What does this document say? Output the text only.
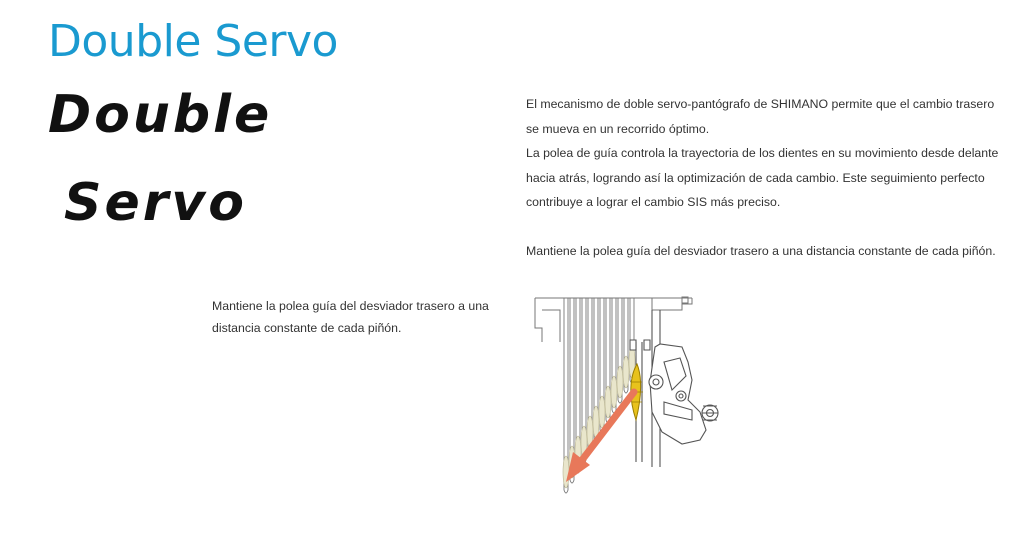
Double Servo
Double
Servo

El mecanismo de doble servo-pantógrafo de SHIMANO permite que el cambio trasero se mueva en un recorrido óptimo.

La polea de guía controla la trayectoria de los dientes en su movimiento desde delante hacia atrás, logrando así la optimización de cada cambio. Este seguimiento perfecto contribuye a lograr el cambio SIS más preciso.

Mantiene la polea guía del desviador trasero a una distancia constante de cada piñón.

Mantiene la polea guía del desviador trasero a una distancia constante de cada piñón.
